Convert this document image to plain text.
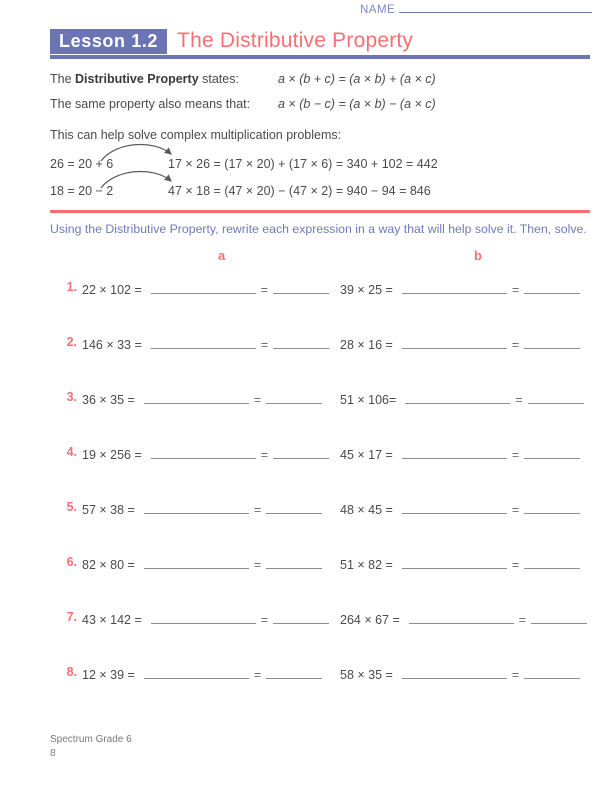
NAME
Lesson 1.2 The Distributive Property
The Distributive Property states:	a × (b + c) = (a × b) + (a × c)
The same property also means that: a × (b − c) = (a × b) − (a × c)
This can help solve complex multiplication problems:
26 = 20 + 6	17 × 26 = (17 × 20) + (17 × 6) = 340 + 102 = 442
18 = 20 − 2	47 × 18 = (47 × 20) − (47 × 2) = 940 − 94 = 846
Using the Distributive Property, rewrite each expression in a way that will help solve it. Then, solve.
a	b
1. 22 × 102 =	=	39 × 25 =	=
2. 146 × 33 =	=	28 × 16 =	=
3. 36 × 35 =	=	51 × 106=	=
4. 19 × 256 =	=	45 × 17 =	=
5. 57 × 38 =	=	48 × 45 =	=
6. 82 × 80 =	=	51 × 82 =	=
7. 43 × 142 =	=	264 × 67 =	=
8. 12 × 39 =	=	58 × 35 =	=
Spectrum Grade 6
8
